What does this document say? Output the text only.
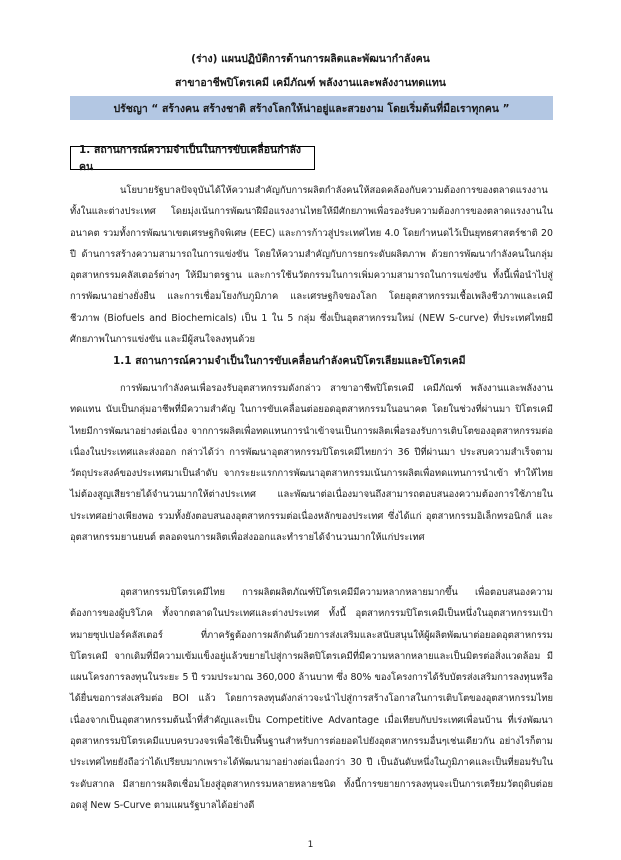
(ร่าง) แผนปฏิบัติการด้านการผลิตและพัฒนากำลังคน

สาขาอาชีพปิโตรเคมี เคมีภัณฑ์ พลังงานและพลังงานทดแทน

ปรัชญา “ สร้างคน สร้างชาติ สร้างโลกให้น่าอยู่และสวยงาม โดยเริ่มต้นที่มือเราทุกคน ”
1. สถานการณ์ความจำเป็นในการขับเคลื่อนกำลังคน

นโยบายรัฐบาลปัจจุบันได้ให้ความสำคัญกับการผลิตกำลังคนให้สอดคล้องกับความต้องการของตลาดแรงงานทั้งในและต่างประเทศ โดยมุ่งเน้นการพัฒนาฝีมือแรงงานไทยให้มีศักยภาพเพื่อรองรับความต้องการของตลาดแรงงานในอนาคต รวมทั้งการพัฒนาเขตเศรษฐกิจพิเศษ (EEC) และการก้าวสู่ประเทศไทย 4.0 โดยกำหนดไว้เป็นยุทธศาสตร์ชาติ 20 ปี ด้านการสร้างความสามารถในการแข่งขัน โดยให้ความสำคัญกับการยกระดับผลิตภาพ ด้วยการพัฒนากำลังคนในกลุ่มอุตสาหกรรมคลัสเตอร์ต่างๆ ให้มีมาตรฐาน และการใช้นวัตกรรมในการเพิ่มความสามารถในการแข่งขัน ทั้งนี้เพื่อนำไปสู่การพัฒนาอย่างยั่งยืน และการเชื่อมโยงกับภูมิภาค และเศรษฐกิจของโลก โดยอุตสาหกรรมเชื้อเพลิงชีวภาพและเคมีชีวภาพ (Biofuels and Biochemicals) เป็น 1 ใน 5 กลุ่ม ซึ่งเป็นอุตสาหกรรมใหม่ (NEW S-curve) ที่ประเทศไทยมีศักยภาพในการแข่งขัน และมีผู้สนใจลงทุนด้วย

1.1 สถานการณ์ความจำเป็นในการขับเคลื่อนกำลังคนปิโตรเลียมและปิโตรเคมี

การพัฒนากำลังคนเพื่อรองรับอุตสาหกรรมดังกล่าว สาขาอาชีพปิโตรเคมี เคมีภัณฑ์ พลังงานและพลังงานทดแทน นับเป็นกลุ่มอาชีพที่มีความสำคัญ ในการขับเคลื่อนต่อยอดอุตสาหกรรมในอนาคต โดยในช่วงที่ผ่านมา ปิโตรเคมีไทยมีการพัฒนาอย่างต่อเนื่อง จากการผลิตเพื่อทดแทนการนำเข้าจนเป็นการผลิตเพื่อรองรับการเติบโตของอุตสาหกรรมต่อเนื่องในประเทศและส่งออก กล่าวได้ว่า การพัฒนาอุตสาหกรรมปิโตรเคมีไทยกว่า 36 ปีที่ผ่านมา ประสบความสำเร็จตามวัตถุประสงค์ของประเทศมาเป็นลำดับ จากระยะแรกการพัฒนาอุตสาหกรรมเน้นการผลิตเพื่อทดแทนการนำเข้า ทำให้ไทยไม่ต้องสูญเสียรายได้จำนวนมากให้ต่างประเทศ และพัฒนาต่อเนื่องมาจนถึงสามารถตอบสนองความต้องการใช้ภายในประเทศอย่างเพียงพอ รวมทั้งยังตอบสนองอุตสาหกรรมต่อเนื่องหลักของประเทศ ซึ่งได้แก่ อุตสาหกรรมอิเล็กทรอนิกส์ และอุตสาหกรรมยานยนต์ ตลอดจนการผลิตเพื่อส่งออกและทำรายได้จำนวนมากให้แก่ประเทศ

อุตสาหกรรมปิโตรเคมีไทย การผลิตผลิตภัณฑ์ปิโตรเคมีมีความหลากหลายมากขึ้น เพื่อตอบสนองความต้องการของผู้บริโภค ทั้งจากตลาดในประเทศและต่างประเทศ ทั้งนี้ อุตสาหกรรมปิโตรเคมีเป็นหนึ่งในอุตสาหกรรมเป้าหมายซุปเปอร์คลัสเตอร์ ที่ภาครัฐต้องการผลักดันด้วยการส่งเสริมและสนับสนุนให้ผู้ผลิตพัฒนาต่อยอดอุตสาหกรรมปิโตรเคมี จากเดิมที่มีความเข้มแข็งอยู่แล้วขยายไปสู่การผลิตปิโตรเคมีที่มีความหลากหลายและเป็นมิตรต่อสิ่งแวดล้อม มีแผนโครงการลงทุนในระยะ 5 ปี รวมประมาณ 360,000 ล้านบาท ซึ่ง 80% ของโครงการได้รับบัตรส่งเสริมการลงทุนหรือได้ยื่นขอการส่งเสริมต่อ BOI แล้ว โดยการลงทุนดังกล่าวจะนำไปสู่การสร้างโอกาสในการเติบโตของอุตสาหกรรมไทยเนื่องจากเป็นอุตสาหกรรมต้นน้ำที่สำคัญและเป็น Competitive Advantage เมื่อเทียบกับประเทศเพื่อนบ้าน ที่เร่งพัฒนาอุตสาหกรรมปิโตรเคมีแบบครบวงจรเพื่อใช้เป็นพื้นฐานสำหรับการต่อยอดไปยังอุตสาหกรรมอื่นๆเช่นเดียวกัน อย่างไรก็ตามประเทศไทยยังถือว่าได้เปรียบมากเพราะได้พัฒนามาอย่างต่อเนื่องกว่า 30 ปี เป็นอันดับหนึ่งในภูมิภาคและเป็นที่ยอมรับในระดับสากล มีสายการผลิตเชื่อมโยงสู่อุตสาหกรรมหลายหลายชนิด ทั้งนี้การขยายการลงทุนจะเป็นการเตรียมวัตถุดิบต่อยอดสู่ New S-Curve ตามแผนรัฐบาลได้อย่างดี

1
